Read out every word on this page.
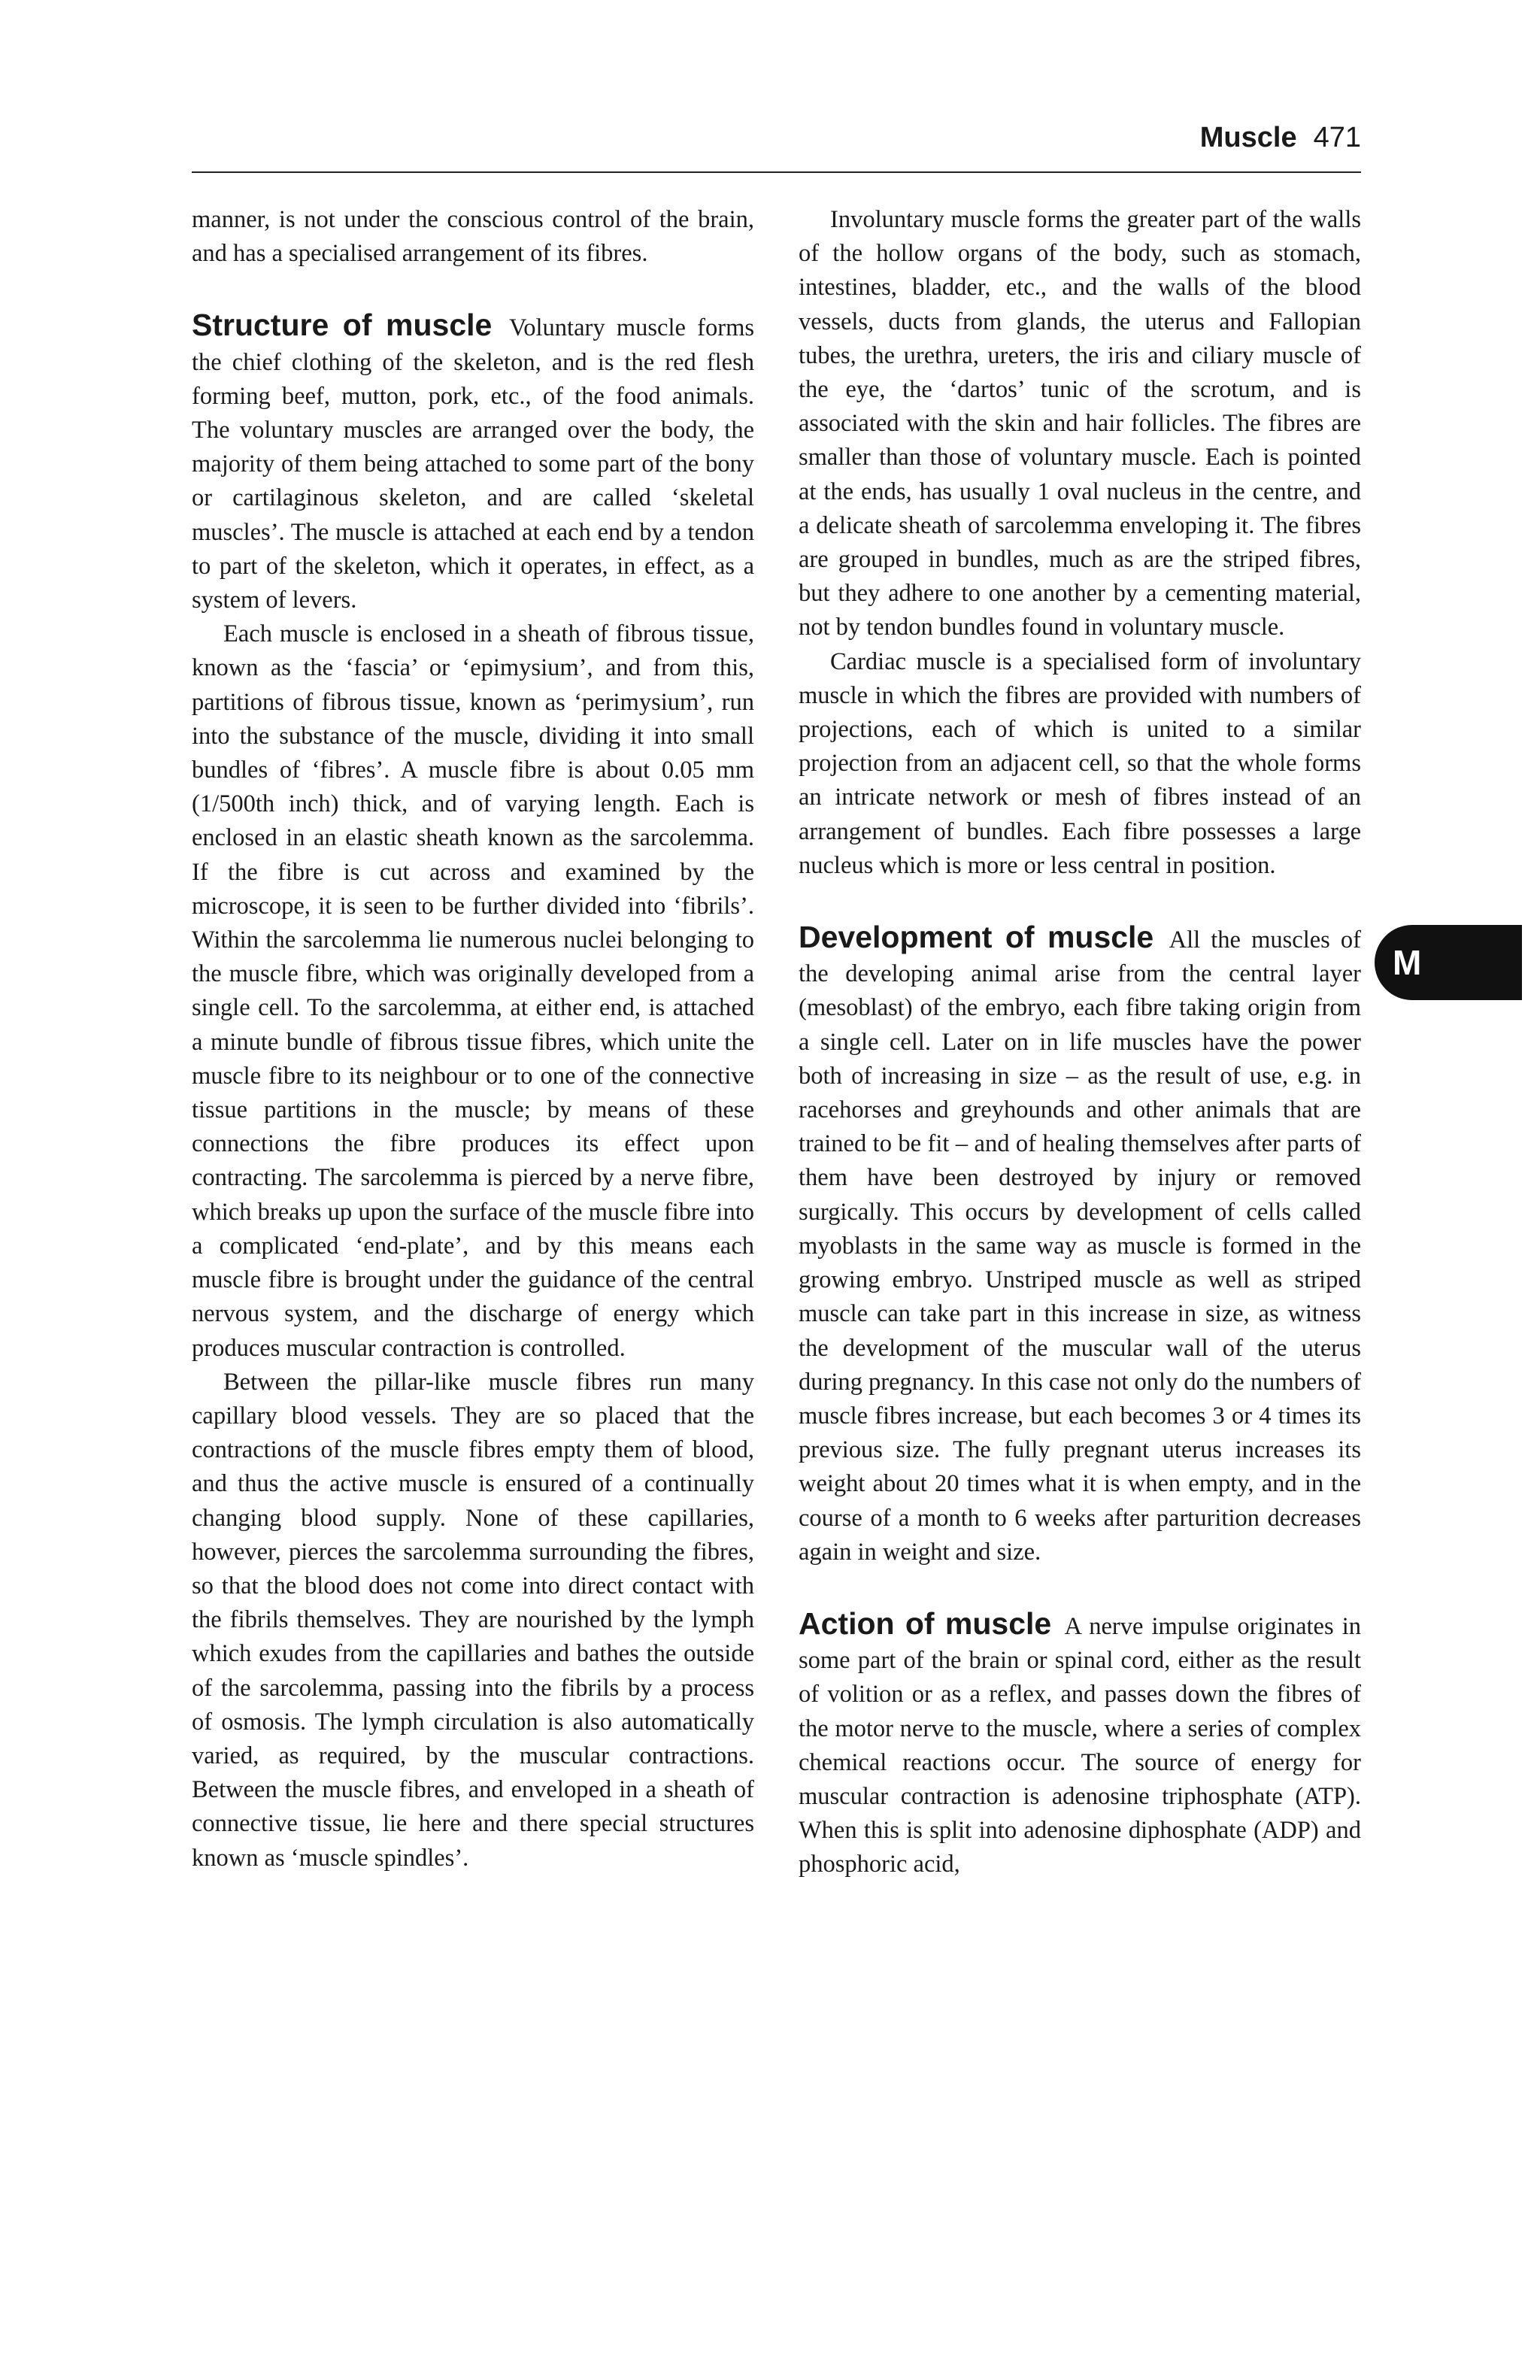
Muscle 471

manner, is not under the conscious control of the brain, and has a specialised arrangement of its fibres.

Structure of muscle Voluntary muscle forms the chief clothing of the skeleton, and is the red flesh forming beef, mutton, pork, etc., of the food animals. The voluntary muscles are arranged over the body, the majority of them being attached to some part of the bony or cartilaginous skeleton, and are called ‘skeletal muscles’. The muscle is attached at each end by a tendon to part of the skeleton, which it operates, in effect, as a system of levers.

Each muscle is enclosed in a sheath of fibrous tissue, known as the ‘fascia’ or ‘epimysium’, and from this, partitions of fibrous tissue, known as ‘perimysium’, run into the substance of the muscle, dividing it into small bundles of ‘fibres’. A muscle fibre is about 0.05 mm (1/500th inch) thick, and of varying length. Each is enclosed in an elastic sheath known as the sarcolemma. If the fibre is cut across and examined by the microscope, it is seen to be further divided into ‘fibrils’. Within the sarcolemma lie numerous nuclei belonging to the muscle fibre, which was originally developed from a single cell. To the sarcolemma, at either end, is attached a minute bundle of fibrous tissue fibres, which unite the muscle fibre to its neighbour or to one of the connective tissue partitions in the muscle; by means of these connections the fibre produces its effect upon contracting. The sarcolemma is pierced by a nerve fibre, which breaks up upon the surface of the muscle fibre into a complicated ‘end-plate’, and by this means each muscle fibre is brought under the guidance of the central nervous system, and the discharge of energy which produces muscular contraction is controlled.

Between the pillar-like muscle fibres run many capillary blood vessels. They are so placed that the contractions of the muscle fibres empty them of blood, and thus the active muscle is ensured of a continually changing blood supply. None of these capillaries, however, pierces the sarcolemma surrounding the fibres, so that the blood does not come into direct contact with the fibrils themselves. They are nourished by the lymph which exudes from the capillaries and bathes the outside of the sarcolemma, passing into the fibrils by a process of osmosis. The lymph circulation is also automatically varied, as required, by the muscular contractions. Between the muscle fibres, and enveloped in a sheath of connective tissue, lie here and there special structures known as ‘muscle spindles’.

Involuntary muscle forms the greater part of the walls of the hollow organs of the body, such as stomach, intestines, bladder, etc., and the walls of the blood vessels, ducts from glands, the uterus and Fallopian tubes, the urethra, ureters, the iris and ciliary muscle of the eye, the ‘dartos’ tunic of the scrotum, and is associated with the skin and hair follicles. The fibres are smaller than those of voluntary muscle. Each is pointed at the ends, has usually 1 oval nucleus in the centre, and a delicate sheath of sarcolemma enveloping it. The fibres are grouped in bundles, much as are the striped fibres, but they adhere to one another by a cementing material, not by tendon bundles found in voluntary muscle.

Cardiac muscle is a specialised form of involuntary muscle in which the fibres are provided with numbers of projections, each of which is united to a similar projection from an adjacent cell, so that the whole forms an intricate network or mesh of fibres instead of an arrangement of bundles. Each fibre possesses a large nucleus which is more or less central in position.

Development of muscle All the muscles of the developing animal arise from the central layer (mesoblast) of the embryo, each fibre taking origin from a single cell. Later on in life muscles have the power both of increasing in size – as the result of use, e.g. in racehorses and greyhounds and other animals that are trained to be fit – and of healing themselves after parts of them have been destroyed by injury or removed surgically. This occurs by development of cells called myoblasts in the same way as muscle is formed in the growing embryo. Unstriped muscle as well as striped muscle can take part in this increase in size, as witness the development of the muscular wall of the uterus during pregnancy. In this case not only do the numbers of muscle fibres increase, but each becomes 3 or 4 times its previous size. The fully pregnant uterus increases its weight about 20 times what it is when empty, and in the course of a month to 6 weeks after parturition decreases again in weight and size.

Action of muscle A nerve impulse originates in some part of the brain or spinal cord, either as the result of volition or as a reflex, and passes down the fibres of the motor nerve to the muscle, where a series of complex chemical reactions occur. The source of energy for muscular contraction is adenosine triphosphate (ATP). When this is split into adenosine diphosphate (ADP) and phosphoric acid,

M
